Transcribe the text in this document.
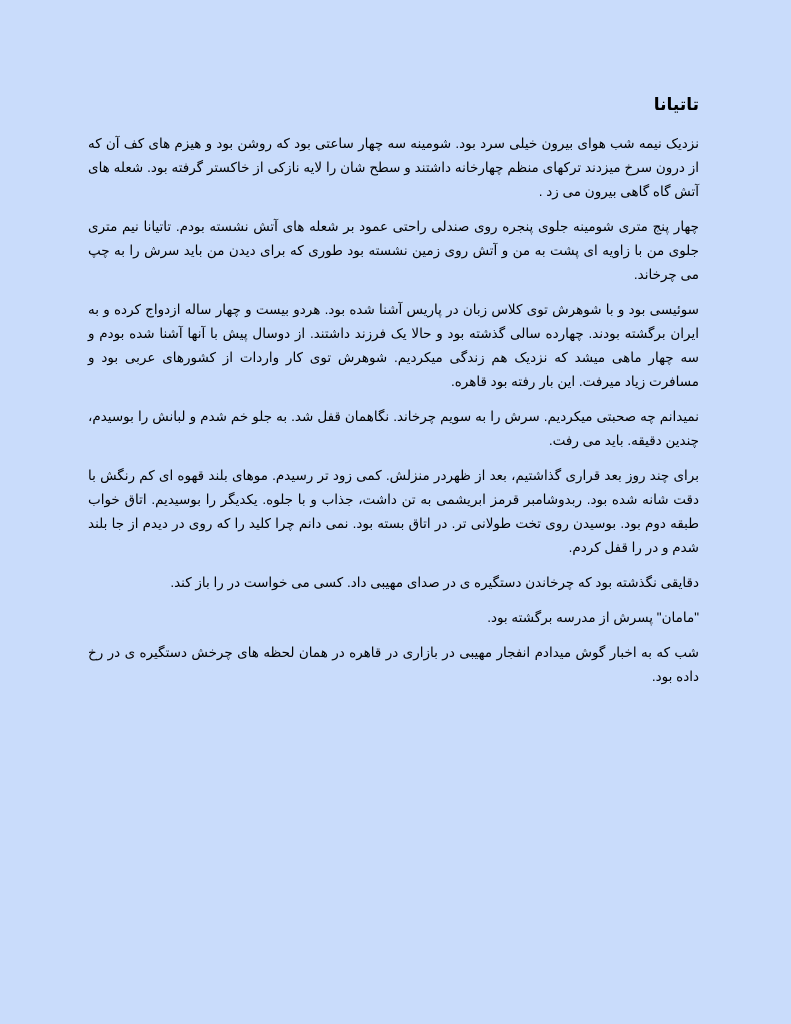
تاتیانا

نزدیک نیمه شب هوای بیرون خیلی سرد بود. شومینه سه چهار ساعتی بود که روشن بود و هیزم های کف آن که از درون سرخ میزدند ترکهای منظم چهارخانه داشتند و سطح شان را لایه نازکی از خاکستر گرفته بود. شعله های آتش گاه گاهی بیرون می زد .

چهار پنج متری شومینه جلوی پنجره روی صندلی راحتی عمود بر شعله های آتش نشسته بودم. تاتیانا نیم متری جلوی من با زاویه ای پشت به من و آتش روی زمین نشسته بود طوری که برای دیدن من باید سرش را به چپ می چرخاند.

سوئیسی بود و با شوهرش توی کلاس زبان در پاریس آشنا شده بود. هردو بیست و چهار ساله ازدواج کرده و به ایران برگشته بودند. چهارده سالی گذشته بود و حالا یک فرزند داشتند. از دوسال پیش با آنها آشنا شده بودم و سه چهار ماهی میشد که نزدیک هم زندگی میکردیم. شوهرش توی کار واردات از کشورهای عربی بود و مسافرت زیاد میرفت. این بار رفته بود قاهره.

نمیدانم چه صحبتی میکردیم. سرش را به سویم چرخاند. نگاهمان قفل شد. به جلو خم شدم و لبانش را بوسیدم، چندین دقیقه. باید می رفت.

برای چند روز بعد قراری گذاشتیم، بعد از ظهردر منزلش. کمی زود تر رسیدم. موهای بلند قهوه ای کم رنگش با دقت شانه شده بود. ربدوشامبر قرمز ابریشمی به تن داشت، جذاب و با جلوه. یکدیگر را بوسیدیم. اتاق خواب طبقه دوم بود. بوسیدن روی تخت طولانی تر. در اتاق بسته بود. نمی دانم چرا کلید را که روی در دیدم از جا بلند شدم و در را قفل کردم.

دقایقی نگذشته بود که چرخاندن دستگیره ی در صدای مهیبی داد. کسی می خواست در را باز کند.

"مامان" پسرش از مدرسه برگشته بود.

شب که به اخبار گوش میدادم انفجار مهیبی در بازاری در قاهره در همان لحظه های چرخش دستگیره ی در رخ داده بود.
